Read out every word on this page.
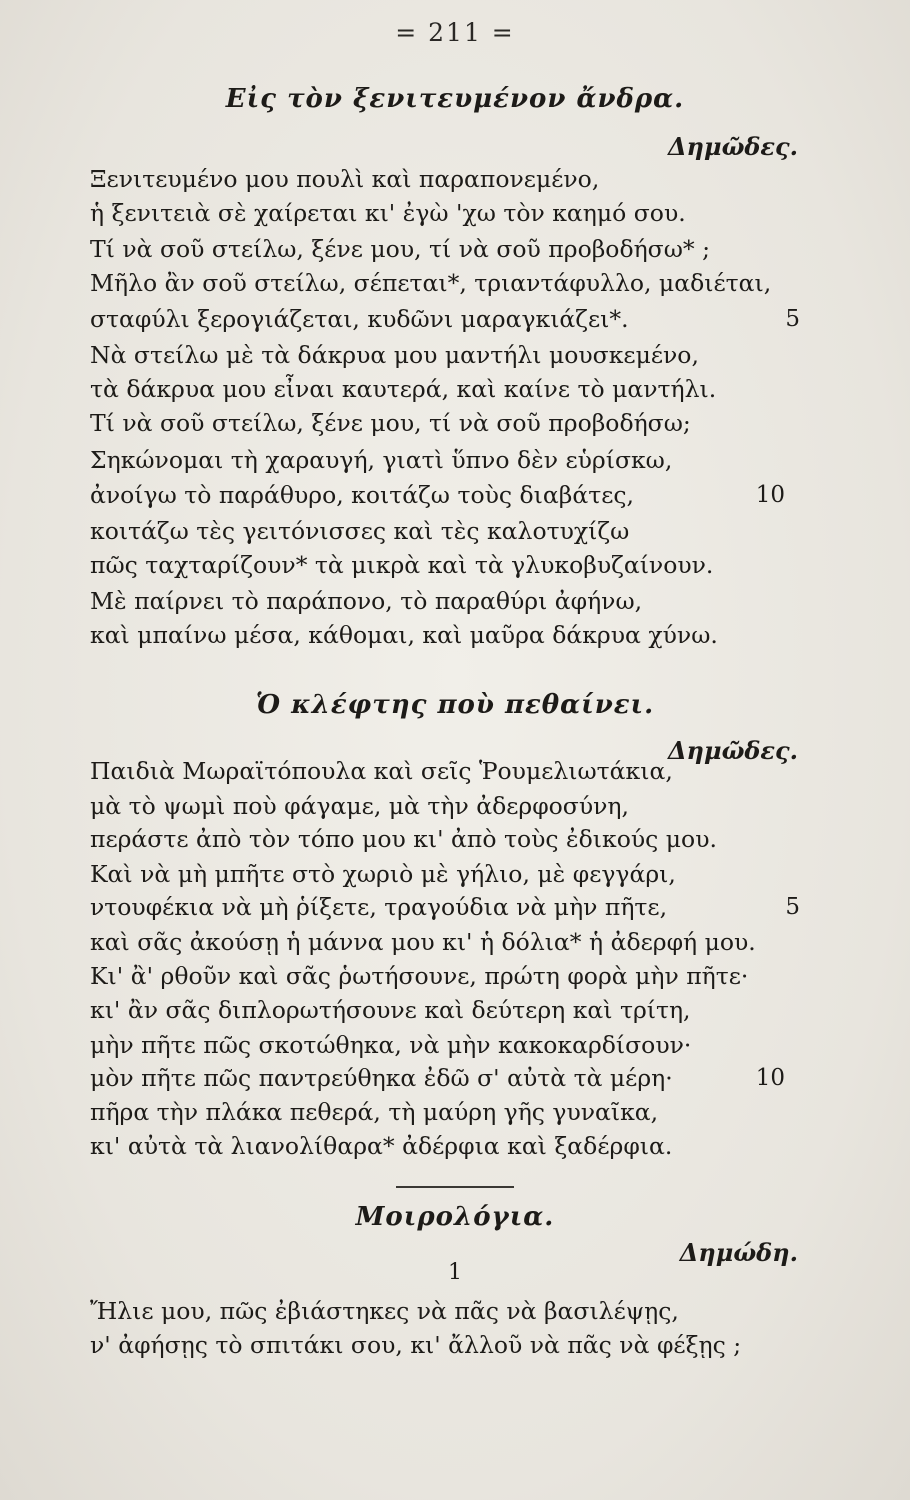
= 211 =
Εἰς τὸν ξενιτευμένον ἄνδρα.
Δημῶδες.
Ξενιτευμένο μου πουλὶ καὶ παραπονεμένο,
ἡ ξενιτειὰ σὲ χαίρεται κι' ἐγὼ 'χω τὸν καημό σου.
Τί νὰ σοῦ στείλω, ξένε μου, τί νὰ σοῦ προβοδήσω* ;
Μῆλο ἂν σοῦ στείλω, σέπεται*, τριαντάφυλλο, μαδιέται,
σταφύλι ξερογιάζεται, κυδῶνι μαραγκιάζει*.	5
Νὰ στείλω μὲ τὰ δάκρυα μου μαντήλι μουσκεμένο,
τὰ δάκρυα μου εἶναι καυτερά, καὶ καίνε τὸ μαντήλι.
Τί νὰ σοῦ στείλω, ξένε μου, τί νὰ σοῦ προβοδήσω;
Σηκώνομαι τὴ χαραυγή, γιατὶ ὕπνο δὲν εὑρίσκω,
ἀνοίγω τὸ παράθυρο, κοιτάζω τοὺς διαβάτες,	10
κοιτάζω τὲς γειτόνισσες καὶ τὲς καλοτυχίζω
πῶς ταχταρίζουν* τὰ μικρὰ καὶ τὰ γλυκοβυζαίνουν.
Μὲ παίρνει τὸ παράπονο, τὸ παραθύρι ἀφήνω,
καὶ μπαίνω μέσα, κάθομαι, καὶ μαῦρα δάκρυα χύνω.
Ὁ κλέφτης ποὺ πεθαίνει.
Δημῶδες.
Παιδιὰ Μωραϊτόπουλα καὶ σεῖς Ῥουμελιωτάκια,
μὰ τὸ ψωμὶ ποὺ φάγαμε, μὰ τὴν ἀδερφοσύνη,
περάστε ἀπὸ τὸν τόπο μου κι' ἀπὸ τοὺς ἐδικούς μου.
Καὶ νὰ μὴ μπῆτε στὸ χωριὸ μὲ γήλιο, μὲ φεγγάρι,
ντουφέκια νὰ μὴ ῥίξετε, τραγούδια νὰ μὴν πῆτε,	5
καὶ σᾶς ἀκούσῃ ἡ μάννα μου κι' ἡ δόλια* ἡ ἀδερφή μου.
Κι' ἂ' ρθοῦν καὶ σᾶς ῥωτήσουνε, πρώτη φορὰ μὴν πῆτε·
κι' ἂν σᾶς διπλορωτήσουνε καὶ δεύτερη καὶ τρίτη,
μὴν πῆτε πῶς σκοτώθηκα, νὰ μὴν κακοκαρδίσουν·
μὸν πῆτε πῶς παντρεύθηκα ἐδῶ σ' αὐτὰ τὰ μέρη·	10
πῆρα τὴν πλάκα πεθερά, τὴ μαύρη γῆς γυναῖκα,
κι' αὐτὰ τὰ λιανολίθαρα* ἀδέρφια καὶ ξαδέρφια.
Μοιρολόγια.
Δημώδη.
1
Ἤλιε μου, πῶς ἐβιάστηκες νὰ πᾶς νὰ βασιλέψῃς,
ν' ἀφήσῃς τὸ σπιτάκι σου, κι' ἄλλοῦ νὰ πᾶς νὰ φέξῃς ;
